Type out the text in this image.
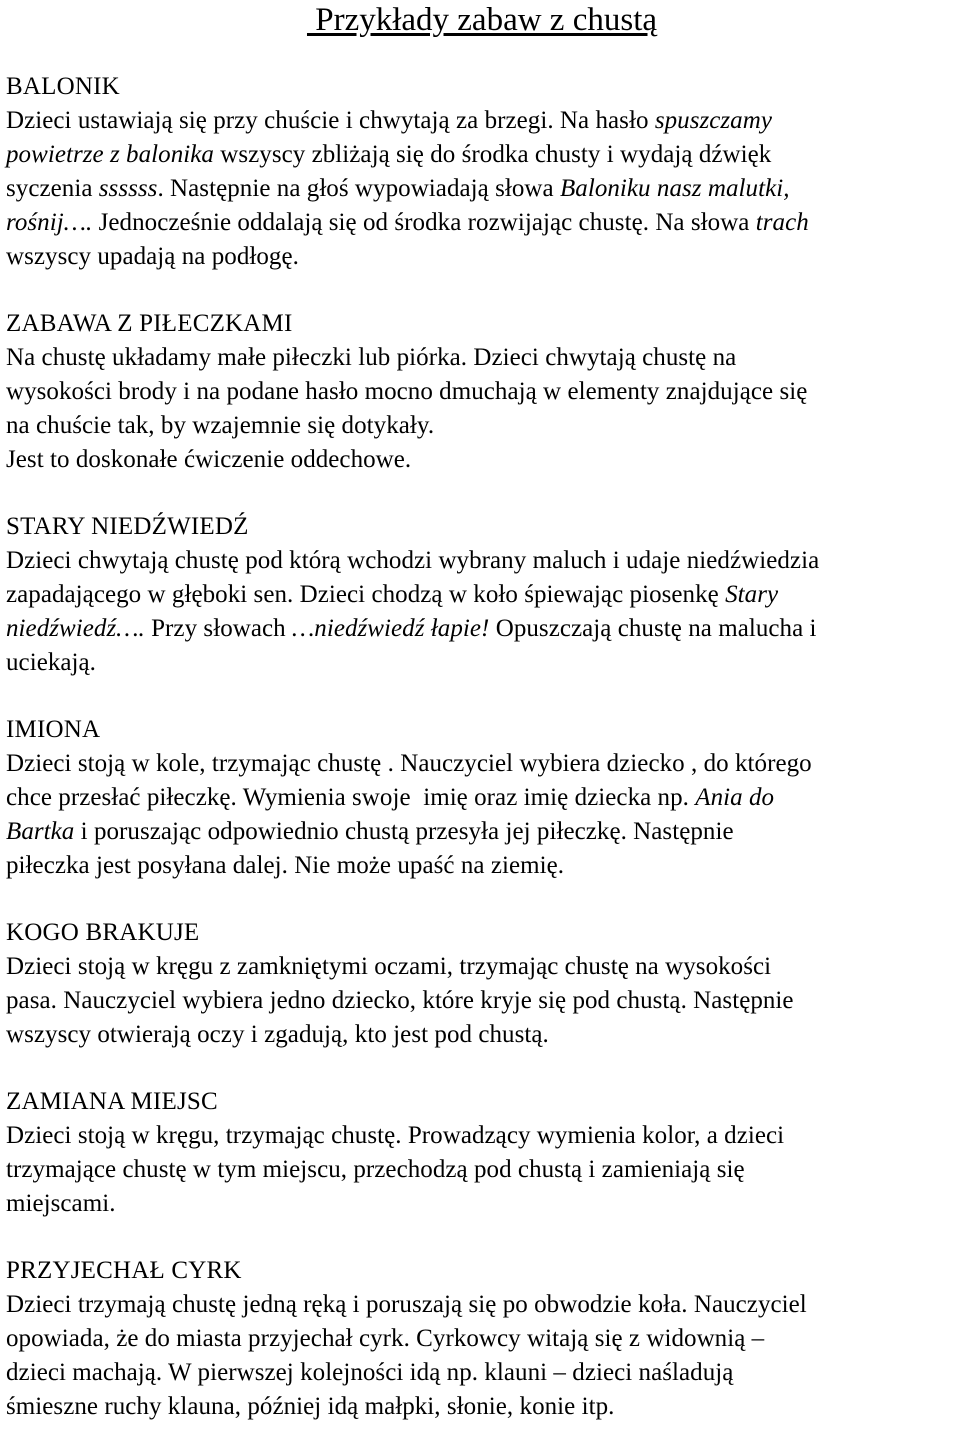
Przykłady zabaw z chustą
BALONIK
Dzieci ustawiają się przy chuście i chwytają za brzegi. Na hasło spuszczamy
powietrze z balonika wszyscy zbliżają się do środka chusty i wydają dźwięk
syczenia ssssss. Następnie na głoś wypowiadają słowa Baloniku nasz malutki,
rośnij…. Jednocześnie oddalają się od środka rozwijając chustę. Na słowa trach
wszyscy upadają na podłogę.
ZABAWA Z PIŁECZKAMI
Na chustę układamy małe piłeczki lub piórka. Dzieci chwytają chustę na
wysokości brody i na podane hasło mocno dmuchają w elementy znajdujące się
na chuście tak, by wzajemnie się dotykały.
Jest to doskonałe ćwiczenie oddechowe.
STARY NIEDŹWIEDŹ
Dzieci chwytają chustę pod którą wchodzi wybrany maluch i udaje niedźwiedzia
zapadającego w głęboki sen. Dzieci chodzą w koło śpiewając piosenkę Stary
niedźwiedź…. Przy słowach …niedźwiedź łapie! Opuszczają chustę na malucha i
uciekają.
IMIONA
Dzieci stoją w kole, trzymając chustę . Nauczyciel wybiera dziecko , do którego
chce przesłać piłeczkę. Wymienia swoje  imię oraz imię dziecka np. Ania do
Bartka i poruszając odpowiednio chustą przesyła jej piłeczkę. Następnie
piłeczka jest posyłana dalej. Nie może upaść na ziemię.
KOGO BRAKUJE
Dzieci stoją w kręgu z zamkniętymi oczami, trzymając chustę na wysokości
pasa. Nauczyciel wybiera jedno dziecko, które kryje się pod chustą. Następnie
wszyscy otwierają oczy i zgadują, kto jest pod chustą.
ZAMIANA MIEJSC
Dzieci stoją w kręgu, trzymając chustę. Prowadzący wymienia kolor, a dzieci
trzymające chustę w tym miejscu, przechodzą pod chustą i zamieniają się
miejscami.
PRZYJECHAŁ CYRK
Dzieci trzymają chustę jedną ręką i poruszają się po obwodzie koła. Nauczyciel
opowiada, że do miasta przyjechał cyrk. Cyrkowcy witają się z widownią –
dzieci machają. W pierwszej kolejności idą np. klauni – dzieci naśladują
śmieszne ruchy klauna, później idą małpki, słonie, konie itp.
